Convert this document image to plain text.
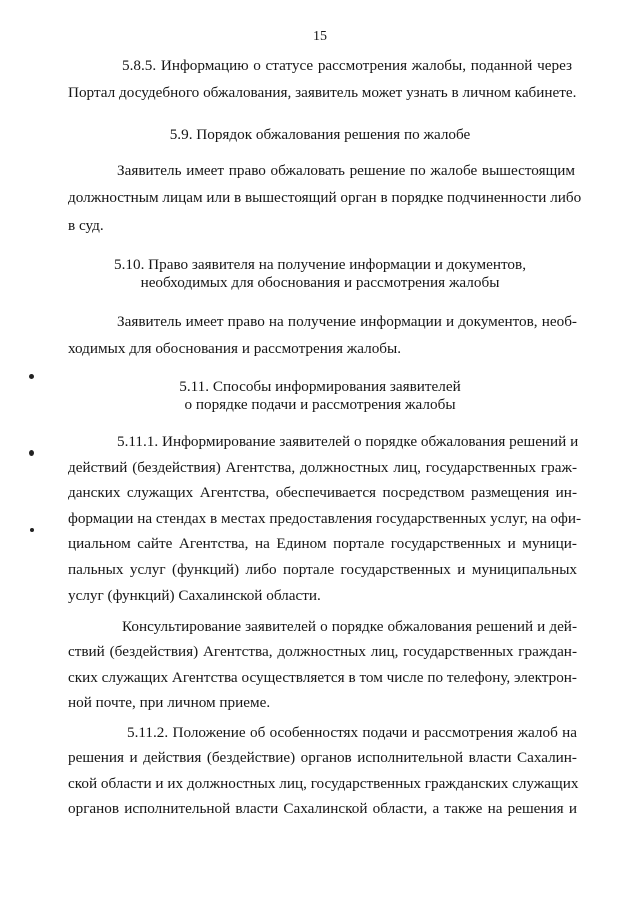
15
5.8.5. Информацию о статусе рассмотрения жалобы, поданной через
Портал досудебного обжалования, заявитель может узнать в личном кабинете.
5.9. Порядок обжалования решения по жалобе
Заявитель имеет право обжаловать решение по жалобе вышестоящим
должностным лицам или в вышестоящий орган в порядке подчиненности либо
в суд.
5.10. Право заявителя на получение информации и документов,
необходимых для обоснования и рассмотрения жалобы
Заявитель имеет право на получение информации и документов, необ-
ходимых для обоснования и рассмотрения жалобы.
5.11. Способы информирования заявителей
о порядке подачи и рассмотрения жалобы
5.11.1. Информирование заявителей о порядке обжалования решений и
действий (бездействия) Агентства, должностных лиц, государственных граж-
данских служащих Агентства, обеспечивается посредством размещения ин-
формации на стендах в местах предоставления государственных услуг, на офи-
циальном сайте Агентства, на Едином портале государственных и муници-
пальных услуг (функций) либо портале государственных и муниципальных
услуг (функций) Сахалинской области.
Консультирование заявителей о порядке обжалования решений и дей-
ствий (бездействия) Агентства, должностных лиц, государственных граждан-
ских служащих Агентства осуществляется в том числе по телефону, электрон-
ной почте, при личном приеме.
5.11.2. Положение об особенностях подачи и рассмотрения жалоб на
решения и действия (бездействие) органов исполнительной власти Сахалин-
ской области и их должностных лиц, государственных гражданских служащих
органов исполнительной власти Сахалинской области, а также на решения и
